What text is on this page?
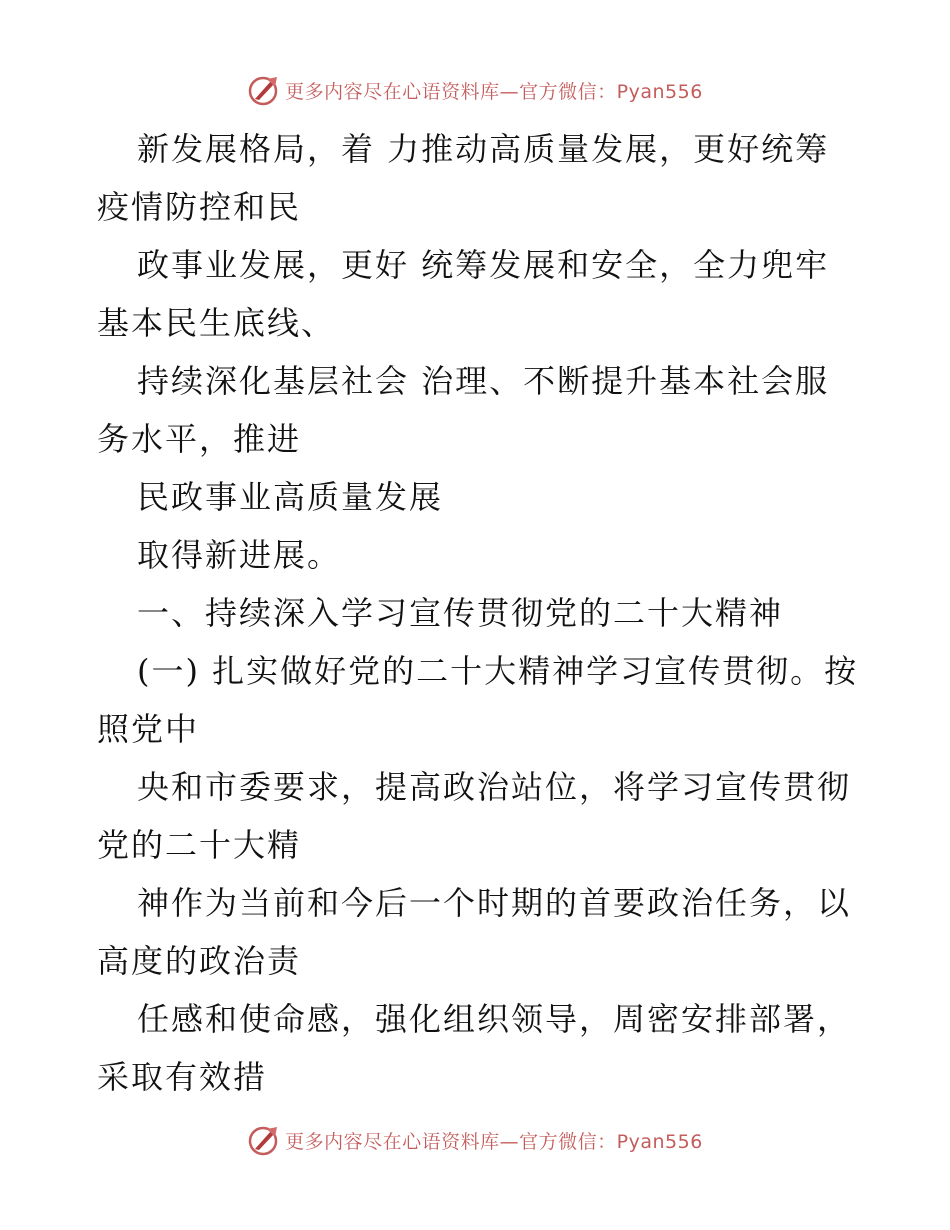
更多内容尽在心语资料库—官方微信：Pyan556
新发展格局，着 力推动高质量发展，更好统筹
疫情防控和民
政事业发展，更好 统筹发展和安全，全力兜牢
基本民生底线、
持续深化基层社会 治理、不断提升基本社会服
务水平，推进
民政事业高质量发展
取得新进展。
一、持续深入学习宣传贯彻党的二十大精神
(一) 扎实做好党的二十大精神学习宣传贯彻。按
照党中
央和市委要求，提高政治站位，将学习宣传贯彻
党的二十大精
神作为当前和今后一个时期的首要政治任务，以
高度的政治责
任感和使命感，强化组织领导，周密安排部署，
采取有效措
更多内容尽在心语资料库—官方微信：Pyan556
